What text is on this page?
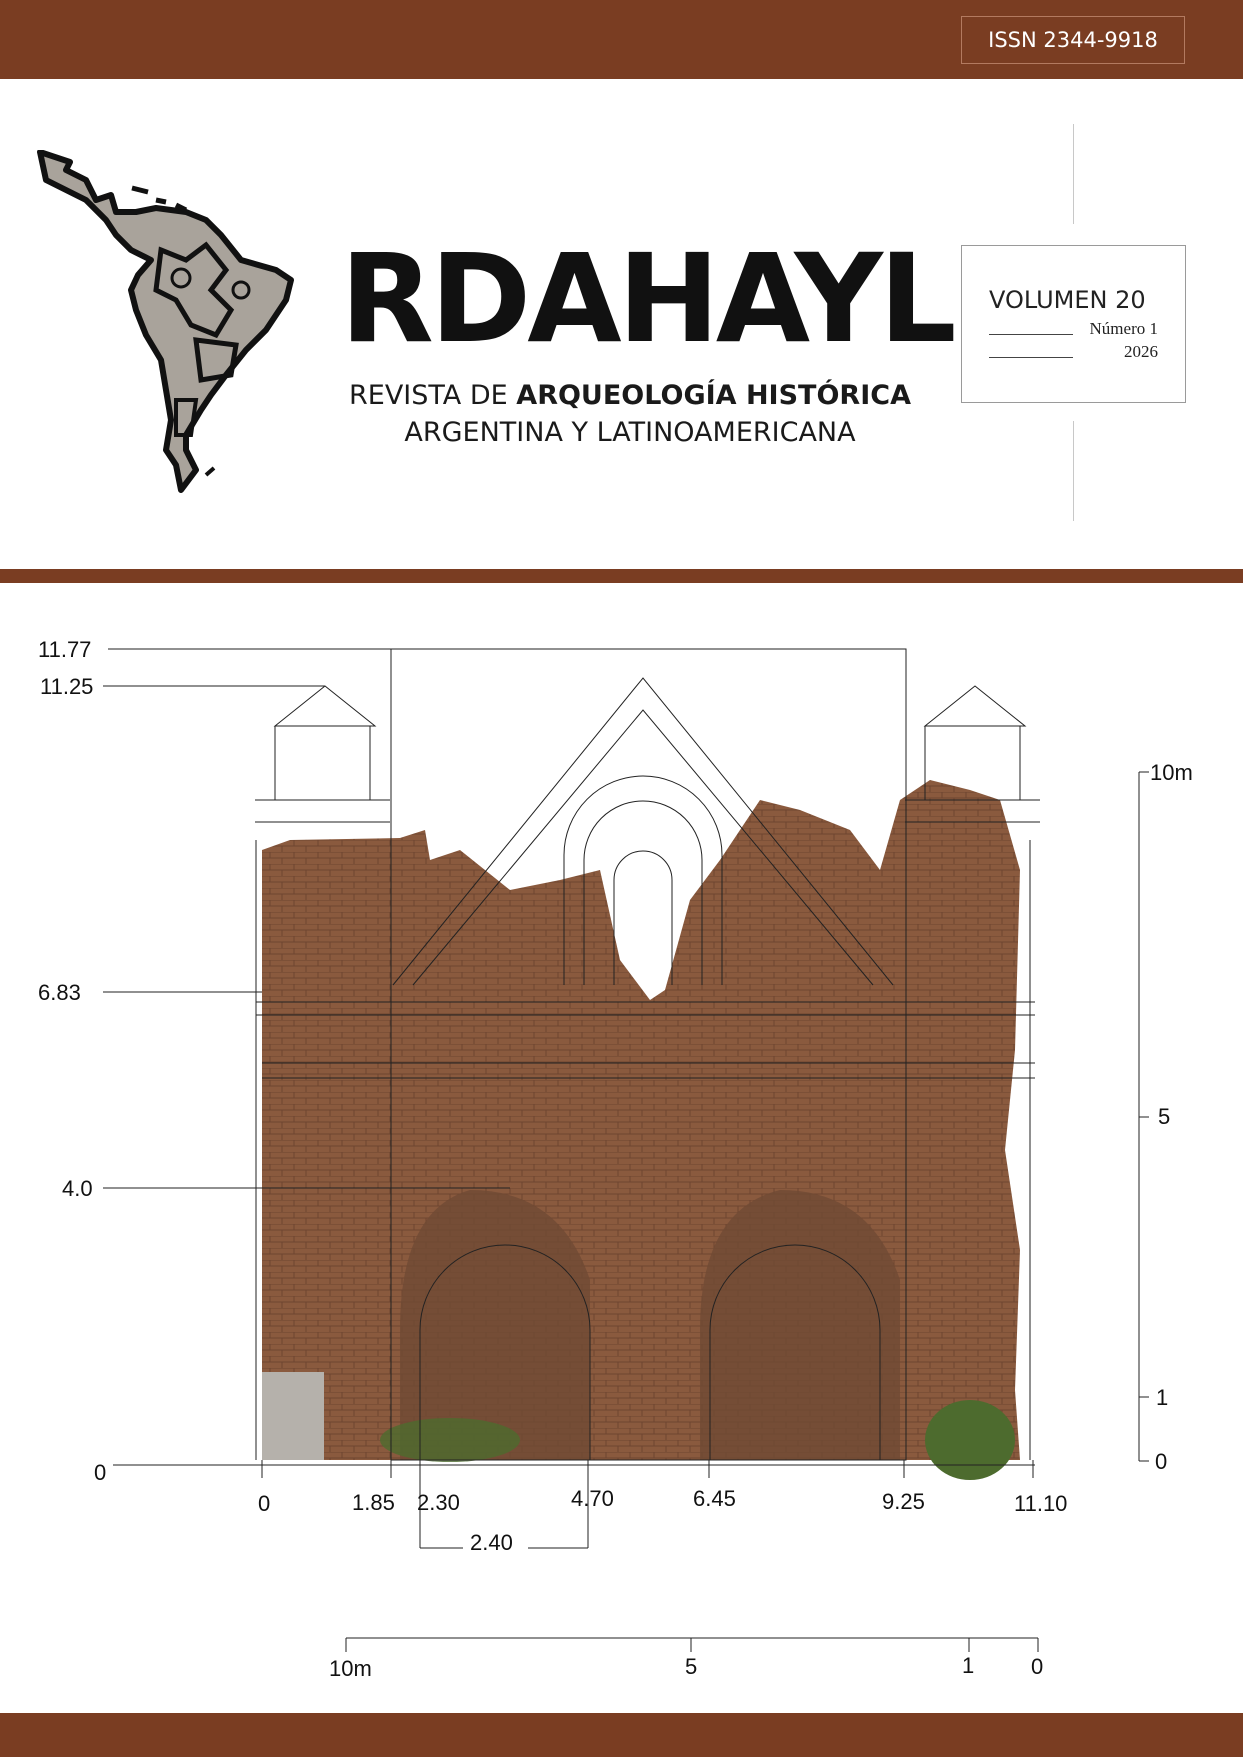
ISSN 2344-9918
RDAHAYL
REVISTA DE ARQUEOLOGÍA HISTÓRICA
ARGENTINA Y LATINOAMERICANA
VOLUMEN 20
Número 1
2026
11.77
11.25
6.83
4.0
0
0	1.85 2.30	4.70	6.45	9.25	11.10
2.40
10m
5
1
0
10m	5	1	0
